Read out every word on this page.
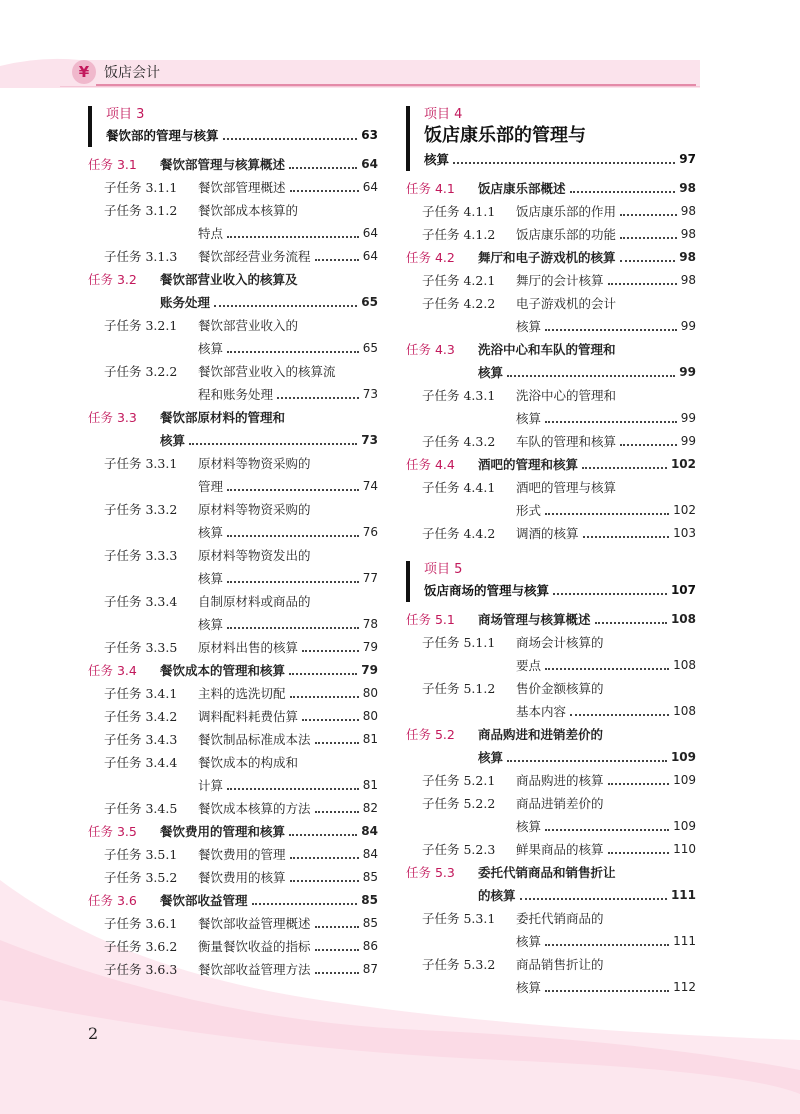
¥	饭店会计
项目 3
餐饮部的管理与核算	63
任务 3.1 餐饮部管理与核算概述	64
子任务 3.1.1 餐饮部管理概述	64
子任务 3.1.2 餐饮部成本核算的
特点	64
子任务 3.1.3 餐饮部经营业务流程	64
任务 3.2 餐饮部营业收入的核算及
账务处理	65
子任务 3.2.1 餐饮部营业收入的
核算	65
子任务 3.2.2 餐饮部营业收入的核算流
程和账务处理	73
任务 3.3 餐饮部原材料的管理和
核算	73
子任务 3.3.1 原材料等物资采购的
管理	74
子任务 3.3.2 原材料等物资采购的
核算	76
子任务 3.3.3 原材料等物资发出的
核算	77
子任务 3.3.4 自制原材料或商品的
核算	78
子任务 3.3.5 原材料出售的核算	79
任务 3.4 餐饮成本的管理和核算	79
子任务 3.4.1 主料的选洗切配	80
子任务 3.4.2 调料配料耗费估算	80
子任务 3.4.3 餐饮制品标准成本法	81
子任务 3.4.4 餐饮成本的构成和
计算	81
子任务 3.4.5 餐饮成本核算的方法	82
任务 3.5 餐饮费用的管理和核算	84
子任务 3.5.1 餐饮费用的管理	84
子任务 3.5.2 餐饮费用的核算	85
任务 3.6 餐饮部收益管理	85
子任务 3.6.1 餐饮部收益管理概述	85
子任务 3.6.2 衡量餐饮收益的指标	86
子任务 3.6.3 餐饮部收益管理方法	87
项目 4
饭店康乐部的管理与
核算	97
任务 4.1 饭店康乐部概述	98
子任务 4.1.1 饭店康乐部的作用	98
子任务 4.1.2 饭店康乐部的功能	98
任务 4.2 舞厅和电子游戏机的核算	98
子任务 4.2.1 舞厅的会计核算	98
子任务 4.2.2 电子游戏机的会计
核算	99
任务 4.3 洗浴中心和车队的管理和
核算	99
子任务 4.3.1 洗浴中心的管理和
核算	99
子任务 4.3.2 车队的管理和核算	99
任务 4.4 酒吧的管理和核算	102
子任务 4.4.1 酒吧的管理与核算
形式	102
子任务 4.4.2 调酒的核算	103
项目 5
饭店商场的管理与核算	107
任务 5.1 商场管理与核算概述	108
子任务 5.1.1 商场会计核算的
要点	108
子任务 5.1.2 售价金额核算的
基本内容	108
任务 5.2 商品购进和进销差价的
核算	109
子任务 5.2.1 商品购进的核算	109
子任务 5.2.2 商品进销差价的
核算	109
子任务 5.2.3 鲜果商品的核算	110
任务 5.3 委托代销商品和销售折让
的核算	111
子任务 5.3.1 委托代销商品的
核算	111
子任务 5.3.2 商品销售折让的
核算	112
2
